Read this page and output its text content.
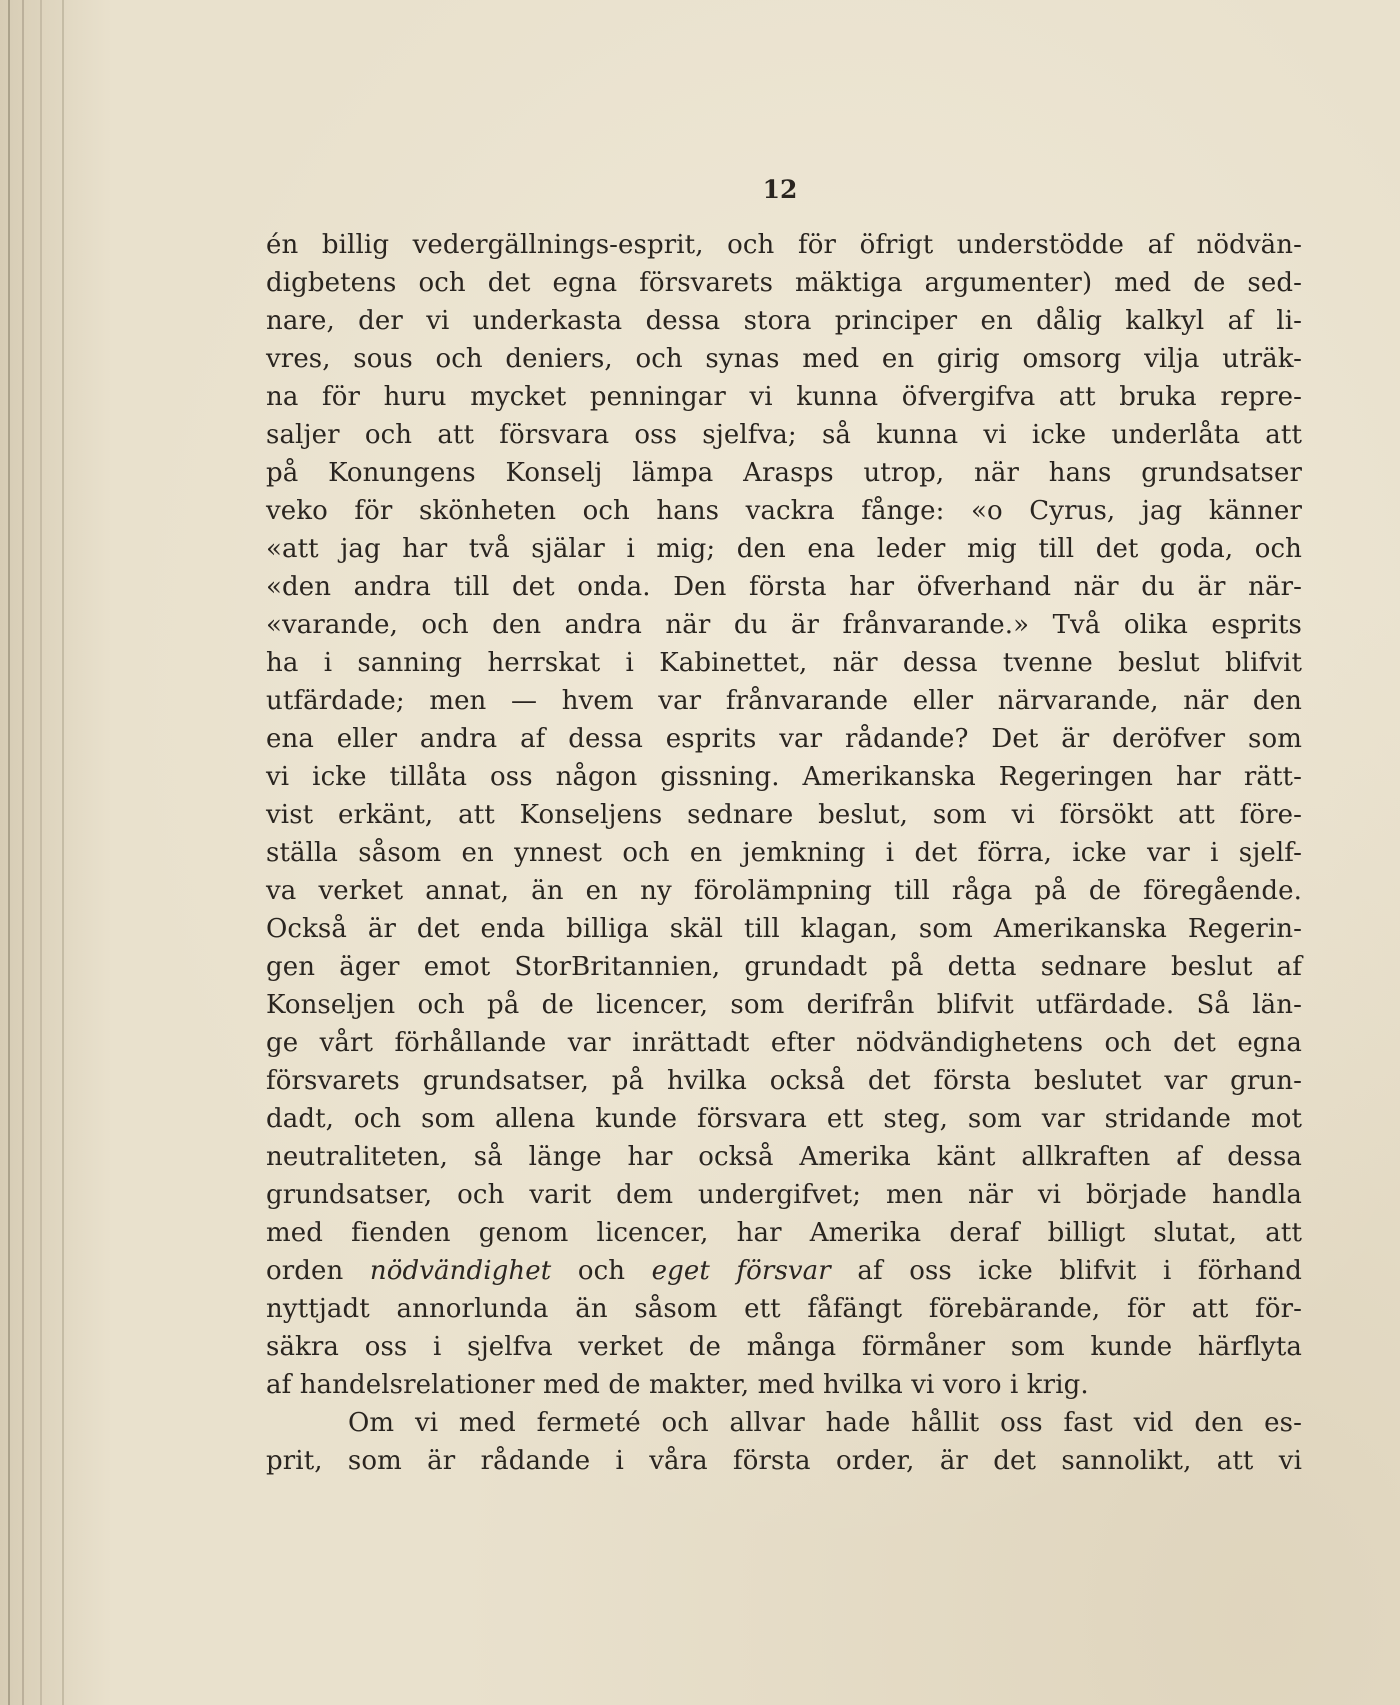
12

én billig vedergällnings-esprit, och för öfrigt understödde af nödvän-
digbetens och det egna försvarets mäktiga argumenter) med de sed-
nare, der vi underkasta dessa stora principer en dålig kalkyl af li-
vres, sous och deniers, och synas med en girig omsorg vilja uträk-
na för huru mycket penningar vi kunna öfvergifva att bruka repre-
saljer och att försvara oss sjelfva; så kunna vi icke underlåta att
på Konungens Konselj lämpa Arasps utrop, när hans grundsatser
veko för skönheten och hans vackra fånge: «o Cyrus, jag känner
«att jag har två själar i mig; den ena leder mig till det goda, och
«den andra till det onda. Den första har öfverhand när du är när-
«varande, och den andra när du är frånvarande.» Två olika esprits
ha i sanning herrskat i Kabinettet, när dessa tvenne beslut blifvit
utfärdade; men — hvem var frånvarande eller närvarande, när den
ena eller andra af dessa esprits var rådande? Det är deröfver som
vi icke tillåta oss någon gissning. Amerikanska Regeringen har rätt-
vist erkänt, att Konseljens sednare beslut, som vi försökt att före-
ställa såsom en ynnest och en jemkning i det förra, icke var i sjelf-
va verket annat, än en ny förolämpning till råga på de föregående.
Också är det enda billiga skäl till klagan, som Amerikanska Regerin-
gen äger emot StorBritannien, grundadt på detta sednare beslut af
Konseljen och på de licencer, som derifrån blifvit utfärdade. Så län-
ge vårt förhållande var inrättadt efter nödvändighetens och det egna
försvarets grundsatser, på hvilka också det första beslutet var grun-
dadt, och som allena kunde försvara ett steg, som var stridande mot
neutraliteten, så länge har också Amerika känt allkraften af dessa
grundsatser, och varit dem undergifvet; men när vi började handla
med fienden genom licencer, har Amerika deraf billigt slutat, att
orden nödvändighet och eget försvar af oss icke blifvit i förhand
nyttjadt annorlunda än såsom ett fåfängt förebärande, för att för-
säkra oss i sjelfva verket de många förmåner som kunde härflyta
af handelsrelationer med de makter, med hvilka vi voro i krig.
Om vi med fermeté och allvar hade hållit oss fast vid den es-
prit, som är rådande i våra första order, är det sannolikt, att vi
